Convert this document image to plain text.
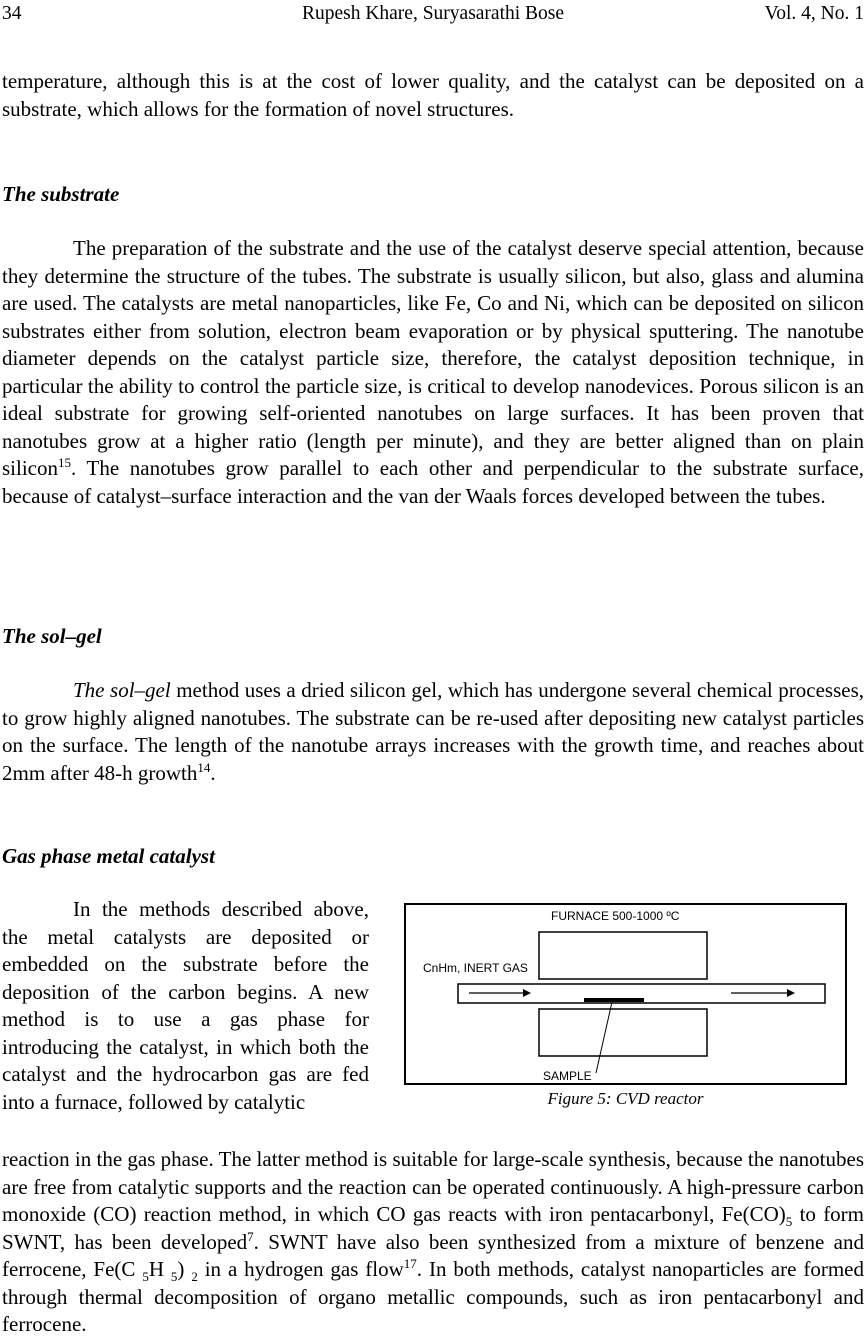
34	Rupesh Khare, Suryasarathi Bose	Vol. 4, No. 1

temperature, although this is at the cost of lower quality, and the catalyst can be deposited on a substrate, which allows for the formation of novel structures.

The substrate

The preparation of the substrate and the use of the catalyst deserve special attention, because they determine the structure of the tubes. The substrate is usually silicon, but also, glass and alumina are used. The catalysts are metal nanoparticles, like Fe, Co and Ni, which can be deposited on silicon substrates either from solution, electron beam evaporation or by physical sputtering. The nanotube diameter depends on the catalyst particle size, therefore, the catalyst deposition technique, in particular the ability to control the particle size, is critical to develop nanodevices. Porous silicon is an ideal substrate for growing self-oriented nanotubes on large surfaces. It has been proven that nanotubes grow at a higher ratio (length per minute), and they are better aligned than on plain silicon$^{15}$. The nanotubes grow parallel to each other and perpendicular to the substrate surface, because of catalyst–surface interaction and the van der Waals forces developed between the tubes.

The sol–gel

The sol–gel method uses a dried silicon gel, which has undergone several chemical processes, to grow highly aligned nanotubes. The substrate can be re-used after depositing new catalyst particles on the surface. The length of the nanotube arrays increases with the growth time, and reaches about 2mm after 48-h growth$^{14}$.

Gas phase metal catalyst

In the methods described above, the metal catalysts are deposited or embedded on the substrate before the deposition of the carbon begins. A new method is to use a gas phase for introducing the catalyst, in which both the catalyst and the hydrocarbon gas are fed into a furnace, followed by catalytic

FURNACE 500-1000 ºC
CnHm, INERT GAS
SAMPLE
Figure 5: CVD reactor

reaction in the gas phase. The latter method is suitable for large-scale synthesis, because the nanotubes are free from catalytic supports and the reaction can be operated continuously. A high-pressure carbon monoxide (CO) reaction method, in which CO gas reacts with iron pentacarbonyl, $Fe(CO)_5$ to form SWNT, has been developed$^7$. SWNT have also been synthesized from a mixture of benzene and ferrocene, Fe(C $_5$H $_5$) $_2$ in a hydrogen gas flow$^{17}$. In both methods, catalyst nanoparticles are formed through thermal decomposition of organo metallic compounds, such as iron pentacarbonyl and ferrocene.
